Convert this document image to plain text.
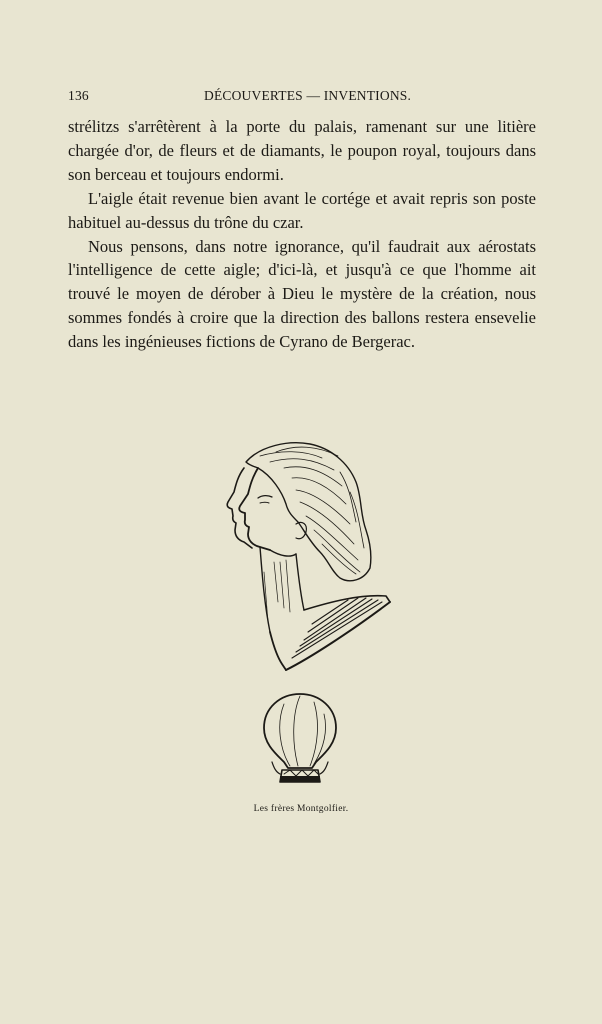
136	DÉCOUVERTES — INVENTIONS.

strélitzs s'arrêtèrent à la porte du palais, ramenant sur une litière chargée d'or, de fleurs et de diamants, le poupon royal, toujours dans son berceau et toujours endormi.

L'aigle était revenue bien avant le cortége et avait repris son poste habituel au-dessus du trône du czar.

Nous pensons, dans notre ignorance, qu'il faudrait aux aérostats l'intelligence de cette aigle; d'ici-là, et jusqu'à ce que l'homme ait trouvé le moyen de dérober à Dieu le mystère de la création, nous sommes fondés à croire que la direction des ballons restera ensevelie dans les ingénieuses fictions de Cyrano de Bergerac.

Les frères Montgolfier.
